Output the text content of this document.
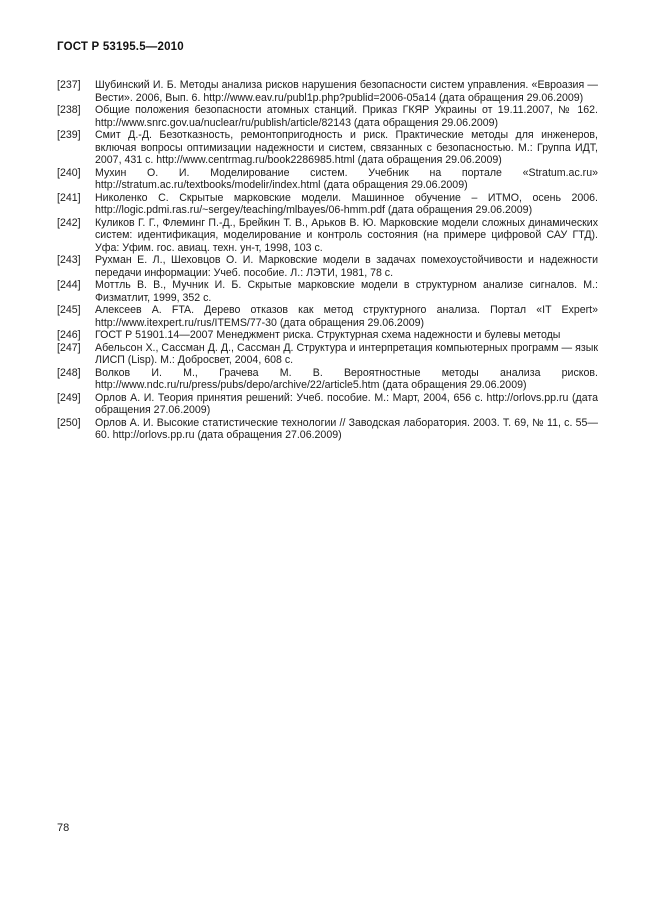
ГОСТ Р 53195.5—2010
[237]	Шубинский И. Б. Методы анализа рисков нарушения безопасности систем управления. «Евроазия — Вести». 2006, Вып. 6. http://www.eav.ru/publ1p.php?publid=2006-05a14 (дата обращения 29.06.2009)
[238]	Общие положения безопасности атомных станций. Приказ ГКЯР Украины от 19.11.2007, № 162. http://www.snrc.gov.ua/nuclear/ru/publish/article/82143 (дата обращения 29.06.2009)
[239]	Смит Д.-Д. Безотказность, ремонтопригодность и риск. Практические методы для инженеров, включая вопросы оптимизации надежности и систем, связанных с безопасностью. М.: Группа ИДТ, 2007, 431 с. http://www.centrmag.ru/book2286985.html (дата обращения 29.06.2009)
[240]	Мухин О. И. Моделирование систем. Учебник на портале «Stratum.ac.ru» http://stratum.ac.ru/textbooks/modelir/index.html (дата обращения 29.06.2009)
[241]	Николенко С. Скрытые марковские модели. Машинное обучение – ИТМО, осень 2006. http://logic.pdmi.ras.ru/~sergey/teaching/mlbayes/06-hmm.pdf (дата обращения 29.06.2009)
[242]	Куликов Г. Г., Флеминг П.-Д., Брейкин Т. В., Арьков В. Ю. Марковские модели сложных динамических систем: идентификация, моделирование и контроль состояния (на примере цифровой САУ ГТД). Уфа: Уфим. гос. авиац. техн. ун-т, 1998, 103 с.
[243]	Рухман Е. Л., Шеховцов О. И. Марковские модели в задачах помехоустойчивости и надежности передачи информации: Учеб. пособие. Л.: ЛЭТИ, 1981, 78 с.
[244]	Моттль В. В., Мучник И. Б. Скрытые марковские модели в структурном анализе сигналов. М.: Физматлит, 1999, 352 с.
[245]	Алексеев А. FTA. Дерево отказов как метод структурного анализа. Портал «IT Expert» http://www.itexpert.ru/rus/ITEMS/77-30 (дата обращения 29.06.2009)
[246]	ГОСТ Р 51901.14—2007 Менеджмент риска. Структурная схема надежности и булевы методы
[247]	Абельсон Х., Сассман Д. Д., Сассман Д. Структура и интерпретация компьютерных программ — язык ЛИСП (Lisp). М.: Добросвет, 2004, 608 с.
[248]	Волков И. М., Грачева М. В. Вероятностные методы анализа рисков. http://www.ndc.ru/ru/press/pubs/depo/archive/22/article5.htm (дата обращения 29.06.2009)
[249]	Орлов А. И. Теория принятия решений: Учеб. пособие. М.: Март, 2004, 656 с. http://orlovs.pp.ru (дата обращения 27.06.2009)
[250]	Орлов А. И. Высокие статистические технологии // Заводская лаборатория. 2003. Т. 69, № 11, с. 55—60. http://orlovs.pp.ru (дата обращения 27.06.2009)
78
